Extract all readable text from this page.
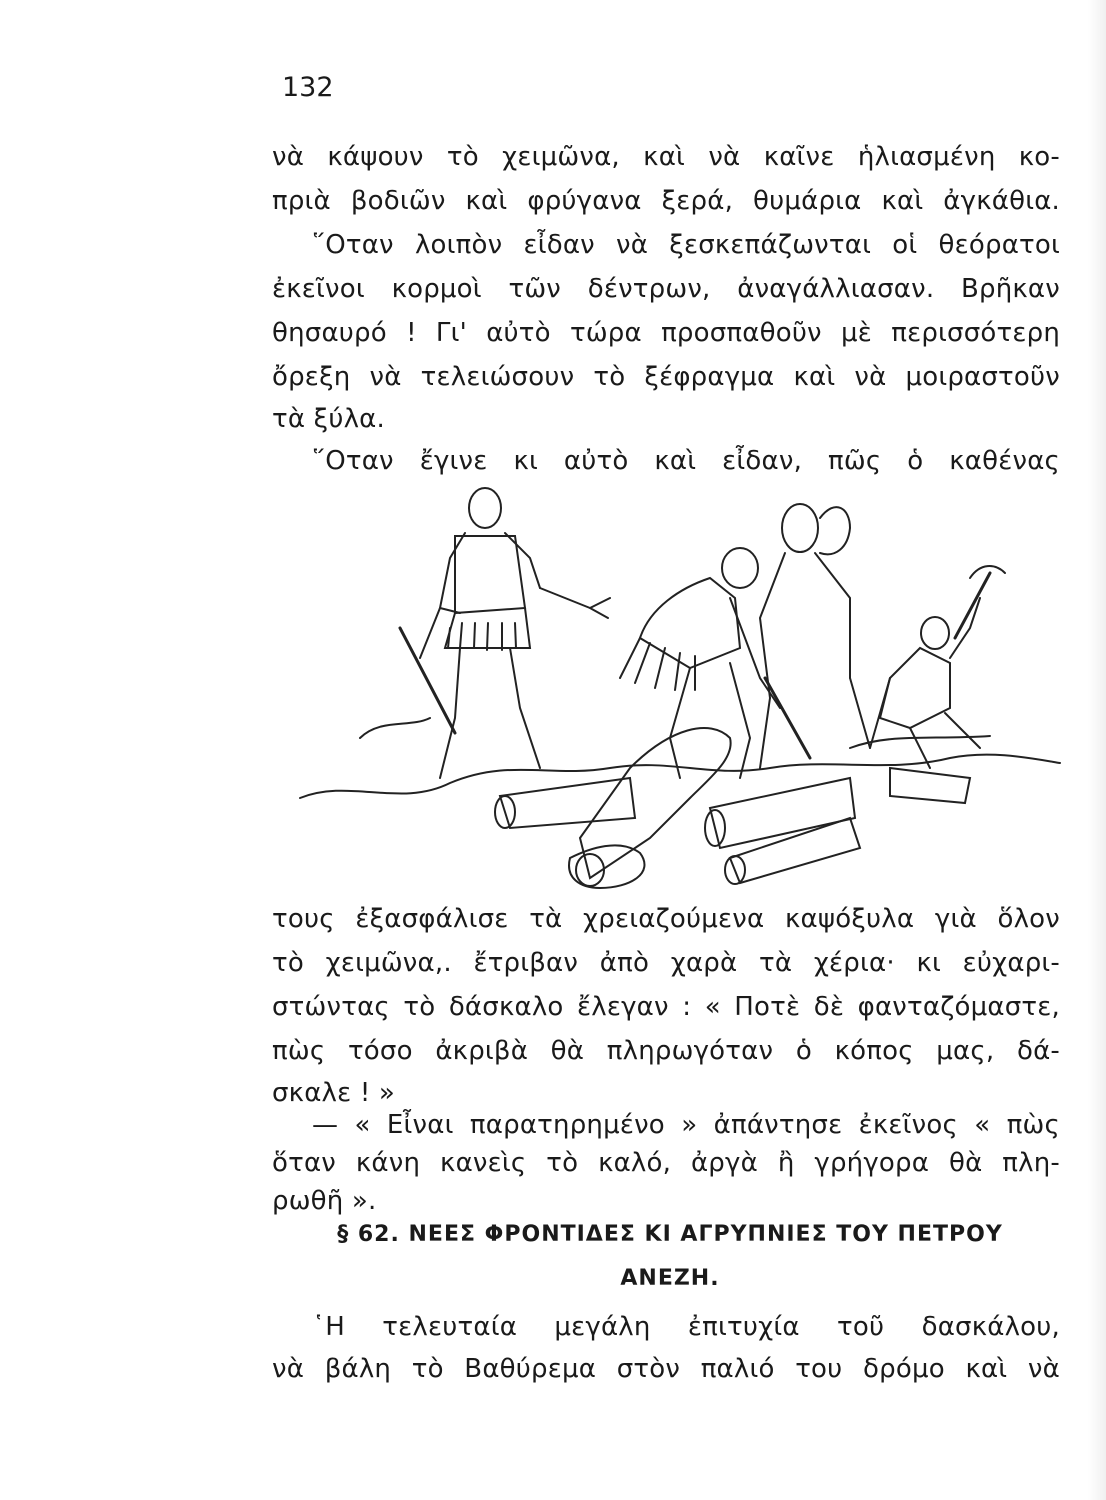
132
νὰ κάψουν τὸ χειμῶνα, καὶ νὰ καῖνε ἡλιασμένη κο-
πριὰ βοδιῶν καὶ φρύγανα ξερά, θυμάρια καὶ ἀγκάθια.
῞Οταν λοιπὸν εἶδαν νὰ ξεσκεπάζωνται οἱ θεόρατοι
ἐκεῖνοι κορμοὶ τῶν δέντρων, ἀναγάλλιασαν. Βρῆκαν
θησαυρό ! Γι' αὐτὸ τώρα προσπαθοῦν μὲ περισσότερη
ὄρεξη νὰ τελειώσουν τὸ ξέφραγμα καὶ νὰ μοιραστοῦν
τὰ ξύλα.
῞Οταν ἔγινε κι αὐτὸ καὶ εἶδαν, πῶς ὁ καθένας
τους ἐξασφάλισε τὰ χρειαζούμενα καψόξυλα γιὰ ὅλον
τὸ χειμῶνα,. ἔτριβαν ἀπὸ χαρὰ τὰ χέρια· κι εὐχαρι-
στώντας τὸ δάσκαλο ἔλεγαν : « Ποτὲ δὲ φανταζόμαστε,
πὼς τόσο ἀκριβὰ θὰ πληρωγόταν ὁ κόπος μας, δά-
σκαλε ! »
— « Εἶναι παρατηρημένο » ἀπάντησε ἐκεῖνος « πὼς
ὅταν κάνη κανεὶς τὸ καλό, ἀργὰ ἢ γρήγορα θὰ πλη-
ρωθῆ ».
§ 62. ΝΕΕΣ ΦΡΟΝΤΙΔΕΣ ΚΙ ΑΓΡΥΠΝΙΕΣ ΤΟΥ ΠΕΤΡΟΥ
ΑΝΕΖΗ.
῾Η τελευταία μεγάλη ἐπιτυχία τοῦ δασκάλου,
νὰ βάλη τὸ Βαθύρεμα στὸν παλιό του δρόμο καὶ νὰ
